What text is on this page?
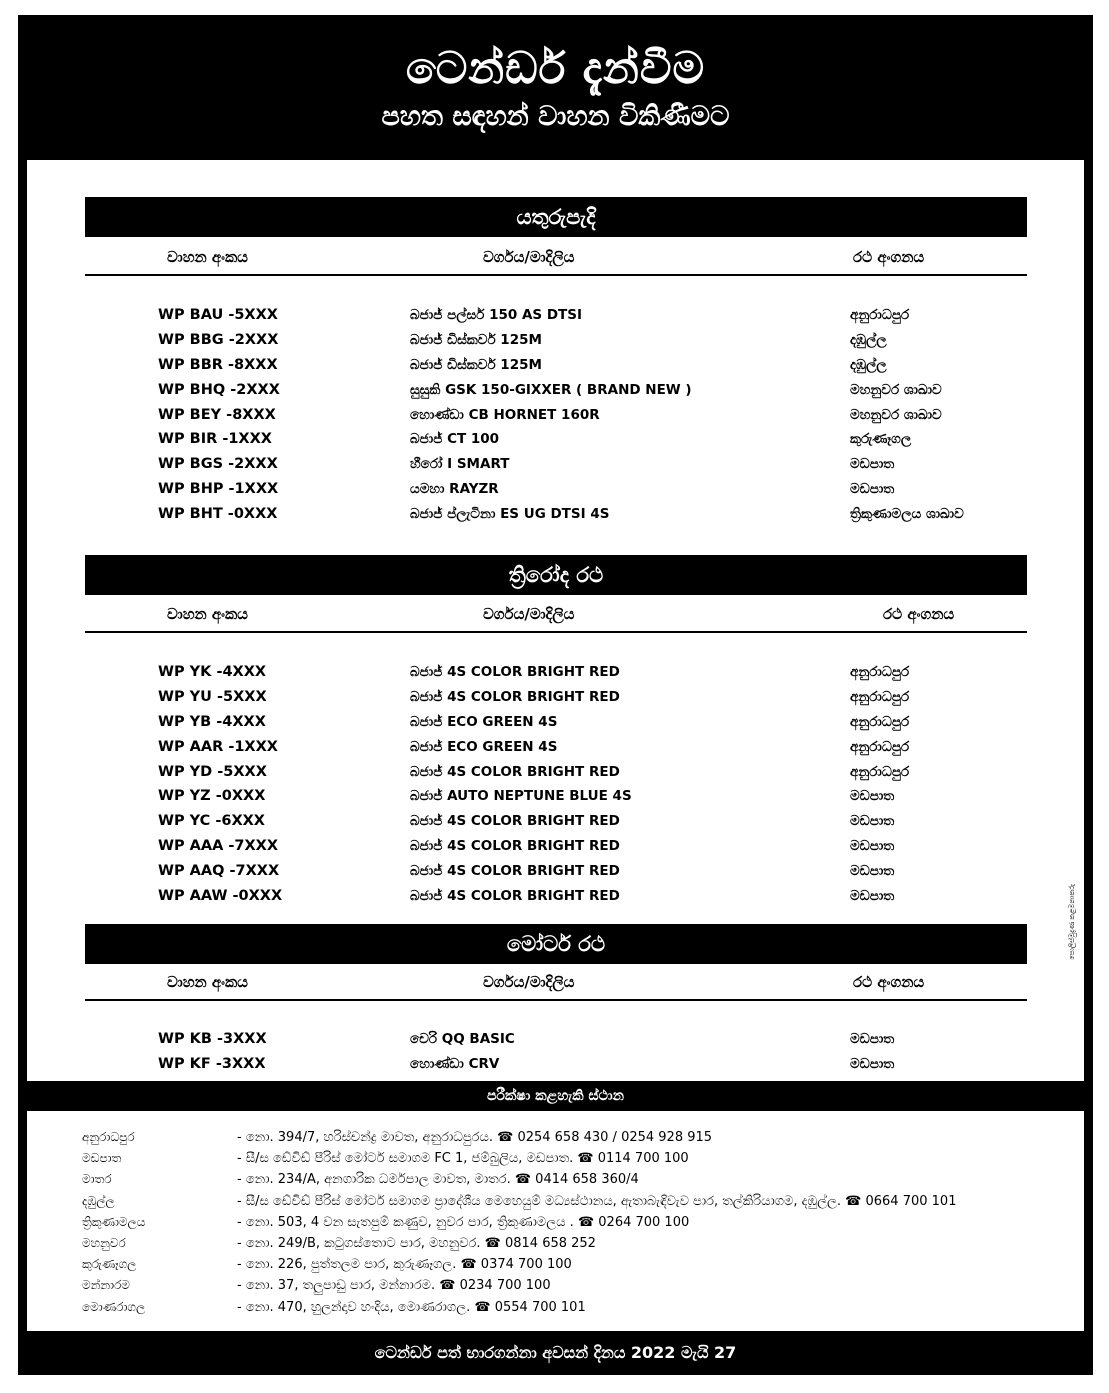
ටෙන්ඩර් දැන්වීම
පහත සඳහන් වාහන විකිණීමට
යතුරුපැදි
වාහන අංකය	වර්ගය/මාදිලිය	රථ අංගනය
WP BAU -5XXX	බජාජ් පල්සර් 150 AS DTSI	අනුරාධපුර
WP BBG -2XXX	බජාජ් ඩිස්කවර් 125M	දඹුල්ල
WP BBR -8XXX	බජාජ් ඩිස්කවර් 125M	දඹුල්ල
WP BHQ -2XXX	සුසුකි GSK 150-GIXXER ( BRAND NEW )	මහනුවර ශාඛාව
WP BEY -8XXX	හොණ්ඩා CB HORNET 160R	මහනුවර ශාඛාව
WP BIR -1XXX	බජාජ් CT 100	කුරුණෑගල
WP BGS -2XXX	හීරෝ I SMART	මඩපාත
WP BHP -1XXX	යමහා RAYZR	මඩපාත
WP BHT -0XXX	බජාජ් ප්ලැටිනා ES UG DTSI 4S	ත්‍රිකුණාමලය ශාඛාව
ත්‍රිරෝද රථ
වාහන අංකය	වර්ගය/මාදිලිය	රථ අංගනය
WP YK -4XXX	බජාජ් 4S COLOR BRIGHT RED	අනුරාධපුර
WP YU -5XXX	බජාජ් 4S COLOR BRIGHT RED	අනුරාධපුර
WP YB -4XXX	බජාජ් ECO GREEN 4S	අනුරාධපුර
WP AAR -1XXX	බජාජ් ECO GREEN 4S	අනුරාධපුර
WP YD -5XXX	බජාජ් 4S COLOR BRIGHT RED	අනුරාධපුර
WP YZ -0XXX	බජාජ් AUTO NEPTUNE BLUE 4S	මඩපාත
WP YC -6XXX	බජාජ් 4S COLOR BRIGHT RED	මඩපාත
WP AAA -7XXX	බජාජ් 4S COLOR BRIGHT RED	මඩපාත
WP AAQ -7XXX	බජාජ් 4S COLOR BRIGHT RED	මඩපාත
WP AAW -0XXX	බජාජ් 4S COLOR BRIGHT RED	මඩපාත
මෝටර් රථ
වාහන අංකය	වර්ගය/මාදිලිය	රථ අංගනය
WP KB -3XXX	චෙරි QQ BASIC	මඩපාත
WP KF -3XXX	හොණ්ඩා CRV	මඩපාත
පරීක්ෂා කළහැකි ස්ථාන
අනුරාධපුර	- නො. 394/7, හරිස්චන්ද්‍ර මාවත, අනුරාධපුරය. ☎ 0254 658 430 / 0254 928 915
මඩපාත	- සී/ස ඩේවිඩ් පීරිස් මෝටර් සමාගම FC 1, ජම්බුලිය, මඩපාත. ☎ 0114 700 100
මාතර	- නො. 234/A, අනගාරික ධර්මපාල මාවත, මාතර. ☎ 0414 658 360/4
දඹුල්ල	- සී/ස ඩේවිඩ් පීරිස් මෝටර් සමාගම ප්‍රාදේශීය මෙහෙයුම් මධ්‍යස්ථානය, ඇතාබැඳිවැව පාර, තල්කිරියාගම, දඹුල්ල. ☎ 0664 700 101
ත්‍රිකුණාමලය	- නො. 503, 4 වන සැතපුම් කණුව, නුවර පාර, ත්‍රිකුණාමලය . ☎ 0264 700 100
මහනුවර	- නො. 249/B, කටුගස්තොට පාර, මහනුවර. ☎ 0814 658 252
කුරුණෑගල	- නො. 226, පුත්තලම පාර, කුරුණෑගල. ☎ 0374 700 100
මන්නාරම	- නො. 37, තලුපාඩු පාර, මන්නාරම. ☎ 0234 700 100
මොණරාගල	- නො. 470, හුලන්දාව හංදිය, මොණරාගල. ☎ 0554 700 101
ටෙන්ඩර් පත් භාරගන්නා අවසන් දිනය 2022 මැයි 27
පොලිස්මුද්‍රණ කළමනාකරු
